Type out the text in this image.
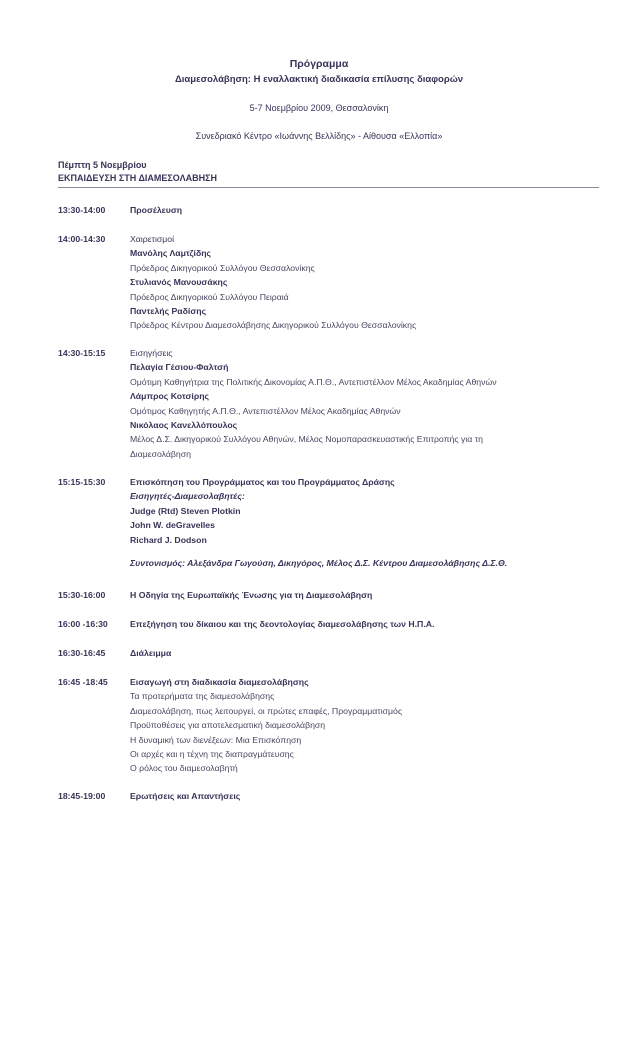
Πρόγραμμα
Διαμεσολάβηση: Η εναλλακτική διαδικασία επίλυσης διαφορών
5-7 Νοεμβρίου 2009, Θεσσαλονίκη
Συνεδριακό Κέντρο «Ιωάννης Βελλίδης» - Αίθουσα «Ελλοπία»
Πέμπτη 5 Νοεμβρίου
ΕΚΠΑΙΔΕΥΣΗ ΣΤΗ ΔΙΑΜΕΣΟΛΑΒΗΣΗ
13:30-14:00	Προσέλευση
14:00-14:30	Χαιρετισμοί
Μανόλης Λαμτζίδης
Πρόεδρος Δικηγορικού Συλλόγου Θεσσαλονίκης
Στυλιανός Μανουσάκης
Πρόεδρος Δικηγορικού Συλλόγου Πειραιά
Παντελής Ραδίσης
Πρόεδρος Κέντρου Διαμεσολάβησης Δικηγορικού Συλλόγου Θεσσαλονίκης
14:30-15:15	Εισηγήσεις
Πελαγία Γέσιου-Φαλτσή
Ομότιμη Καθηγήτρια της Πολιτικής Δικονομίας Α.Π.Θ., Αντεπιστέλλον Μέλος Ακαδημίας Αθηνών
Λάμπρος Κοτσίρης
Ομότιμος Καθηγητής Α.Π.Θ., Αντεπιστέλλον Μέλος Ακαδημίας Αθηνών
Νικόλαος Κανελλόπουλος
Μέλος Δ.Σ. Δικηγορικού Συλλόγου Αθηνών, Μέλος Νομοπαρασκευαστικής Επιτροπής για τη
Διαμεσολάβηση
15:15-15:30	Επισκόπηση του Προγράμματος και του Προγράμματος Δράσης
Εισηγητές-Διαμεσολαβητές:
Judge (Rtd) Steven Plotkin
John W. deGravelles
Richard J. Dodson
Συντονισμός: Αλεξάνδρα Γωγούση, Δικηγόρος, Μέλος Δ.Σ. Κέντρου Διαμεσολάβησης Δ.Σ.Θ.
15:30-16:00	Η Οδηγία της Ευρωπαϊκής Ένωσης για τη Διαμεσολάβηση
16:00 -16:30	Επεξήγηση του δίκαιου και της δεοντολογίας διαμεσολάβησης των Η.Π.Α.
16:30-16:45	Διάλειμμα
16:45 -18:45	Εισαγωγή στη διαδικασία διαμεσολάβησης
Τα προτερήματα της διαμεσολάβησης
Διαμεσολάβηση, πως λειτουργεί, οι πρώτες επαφές, Προγραμματισμός
Προϋποθέσεις για αποτελεσματική διαμεσολάβηση
Η δυναμική των διενέξεων: Μια Επισκόπηση
Οι αρχές και η τέχνη της διαπραγμάτευσης
Ο ρόλος του διαμεσολαβητή
18:45-19:00	Ερωτήσεις και Απαντήσεις
